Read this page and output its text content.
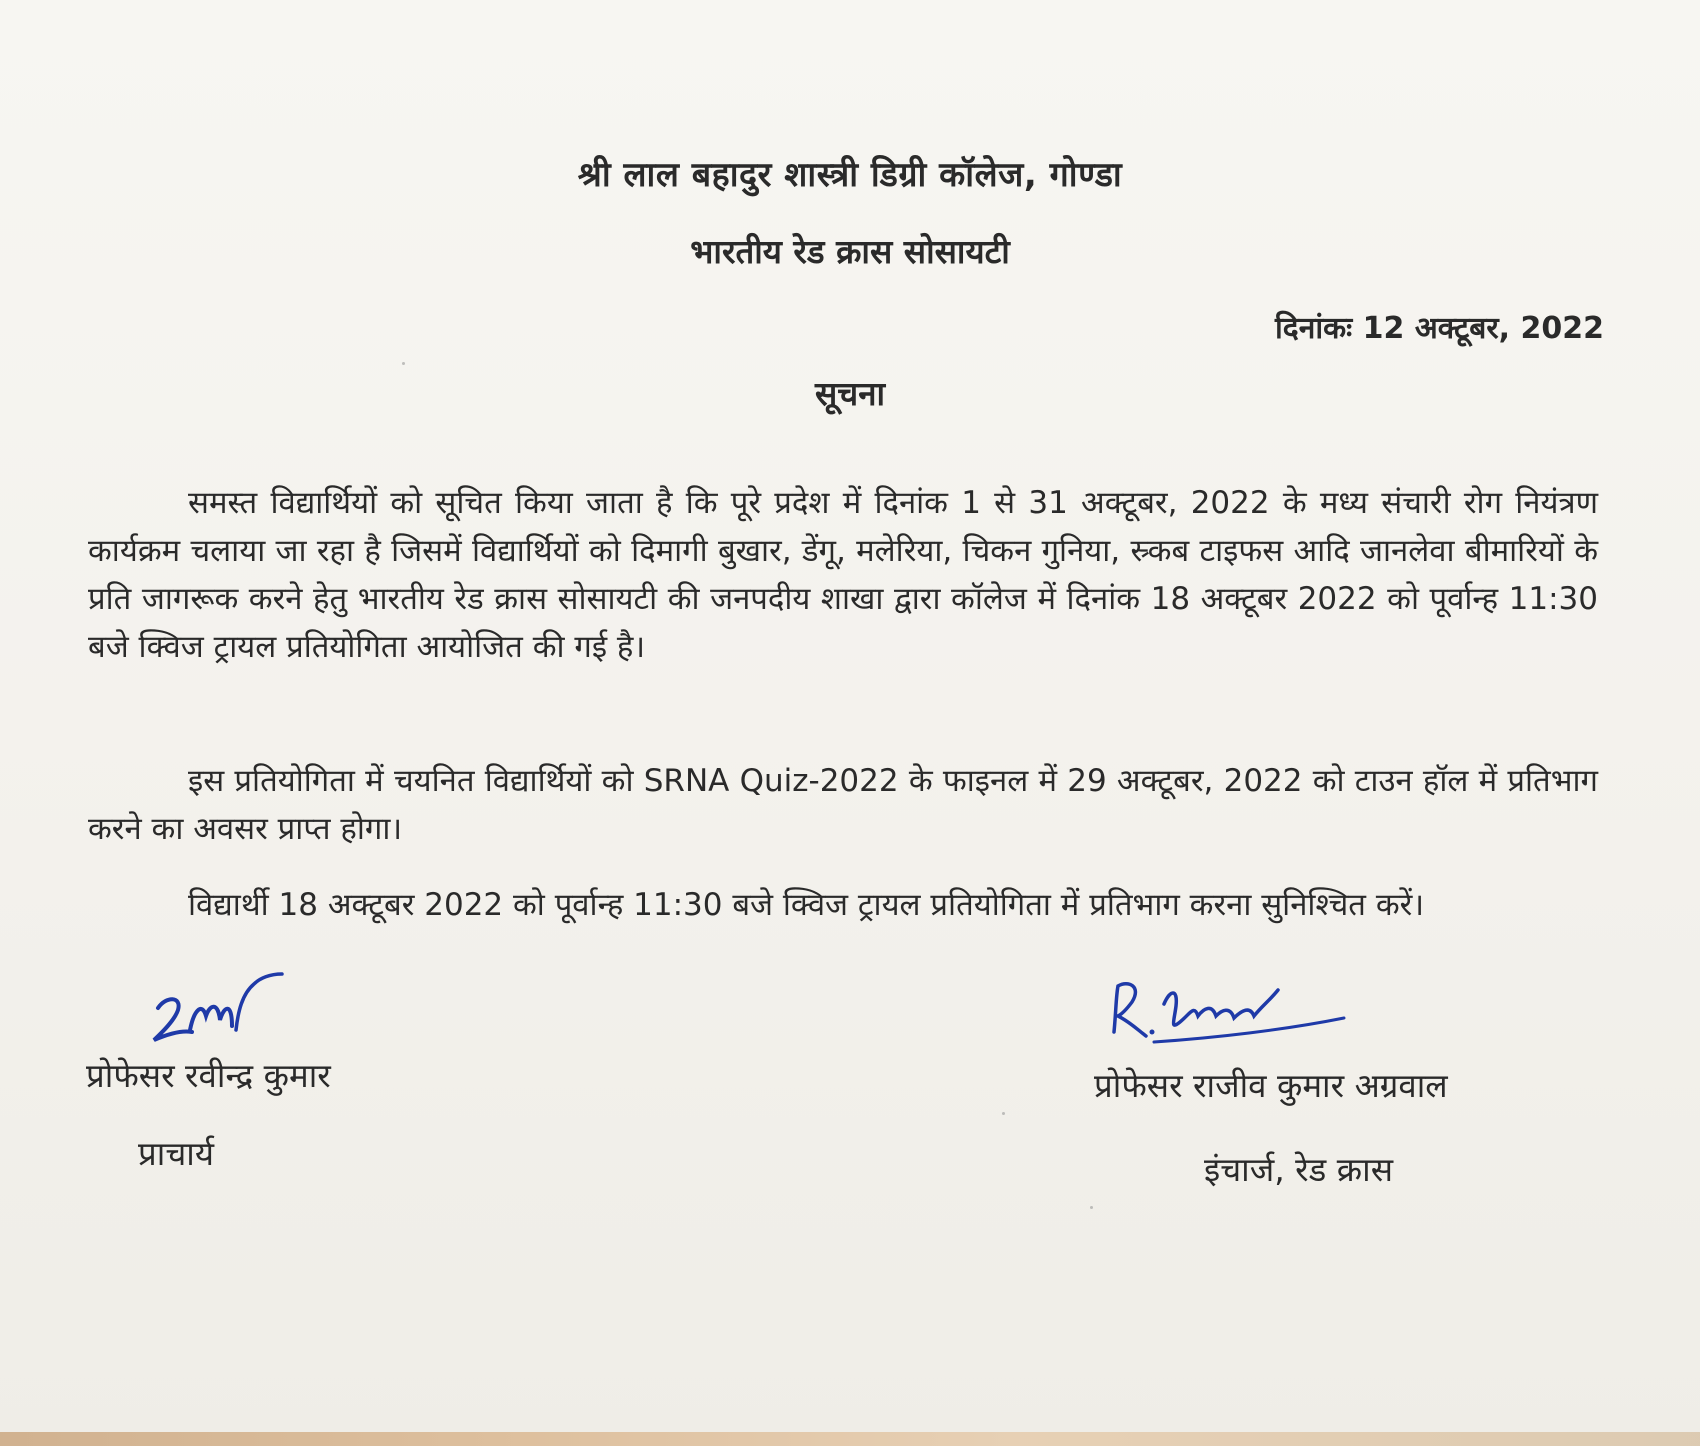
श्री लाल बहादुर शास्त्री डिग्री कॉलेज, गोण्डा
भारतीय रेड क्रास सोसायटी
दिनांकः 12 अक्टूबर, 2022
सूचना

समस्त विद्यार्थियों को सूचित किया जाता है कि पूरे प्रदेश में दिनांक 1 से 31 अक्टूबर, 2022 के मध्य संचारी रोग नियंत्रण कार्यक्रम चलाया जा रहा है जिसमें विद्यार्थियों को दिमागी बुखार, डेंगू, मलेरिया, चिकन गुनिया, स्र्कब टाइफस आदि जानलेवा बीमारियों के प्रति जागरूक करने हेतु भारतीय रेड क्रास सोसायटी की जनपदीय शाखा द्वारा कॉलेज में दिनांक 18 अक्टूबर 2022 को पूर्वान्ह 11:30 बजे क्विज ट्रायल प्रतियोगिता आयोजित की गई है।

इस प्रतियोगिता में चयनित विद्यार्थियों को SRNA Quiz-2022 के फाइनल में 29 अक्टूबर, 2022 को टाउन हॉल में प्रतिभाग करने का अवसर प्राप्त होगा।

विद्यार्थी 18 अक्टूबर 2022 को पूर्वान्ह 11:30 बजे क्विज ट्रायल प्रतियोगिता में प्रतिभाग करना सुनिश्चित करें।

प्रोफेसर रवीन्द्र कुमार
प्राचार्य
प्रोफेसर राजीव कुमार अग्रवाल
इंचार्ज, रेड क्रास
